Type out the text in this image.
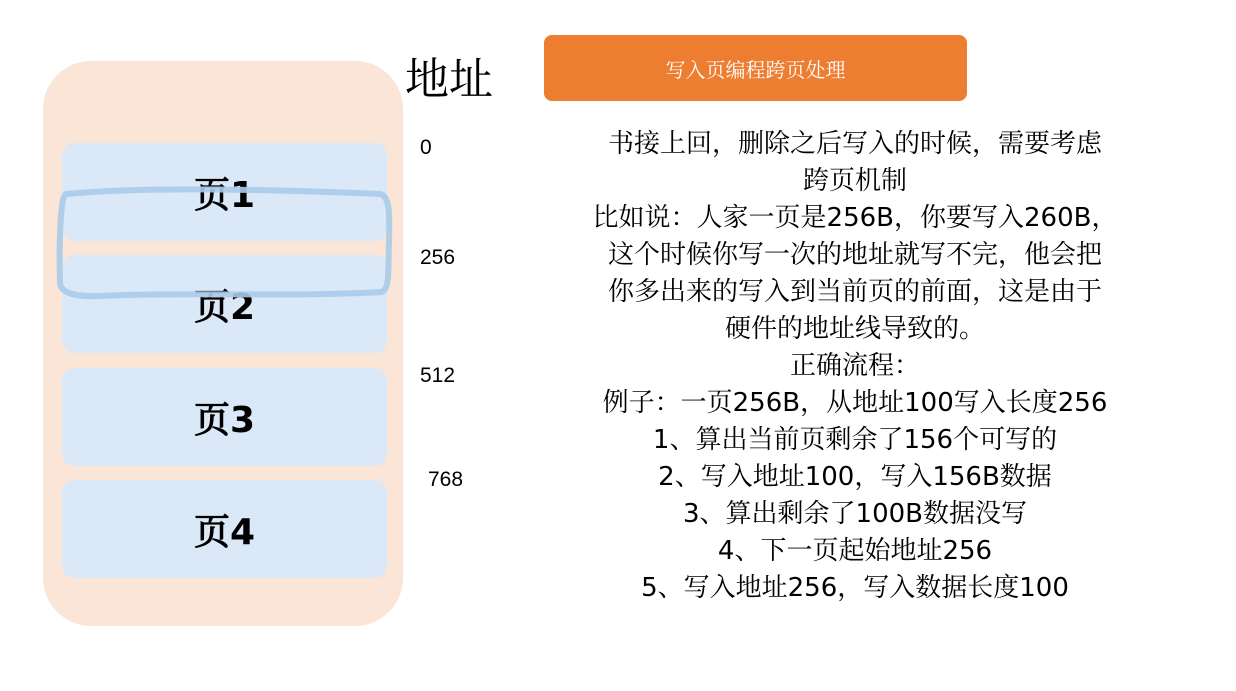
页1
页2
页3
页4
地址
0
256
512
768
写入页编程跨页处理
书接上回，删除之后写入的时候，需要考虑
跨页机制
比如说：人家一页是256B，你要写入260B，
这个时候你写一次的地址就写不完，他会把
你多出来的写入到当前页的前面，这是由于
硬件的地址线导致的。
正确流程：
例子：一页256B，从地址100写入长度256
1、算出当前页剩余了156个可写的
2、写入地址100，写入156B数据
3、算出剩余了100B数据没写
4、下一页起始地址256
5、写入地址256，写入数据长度100
